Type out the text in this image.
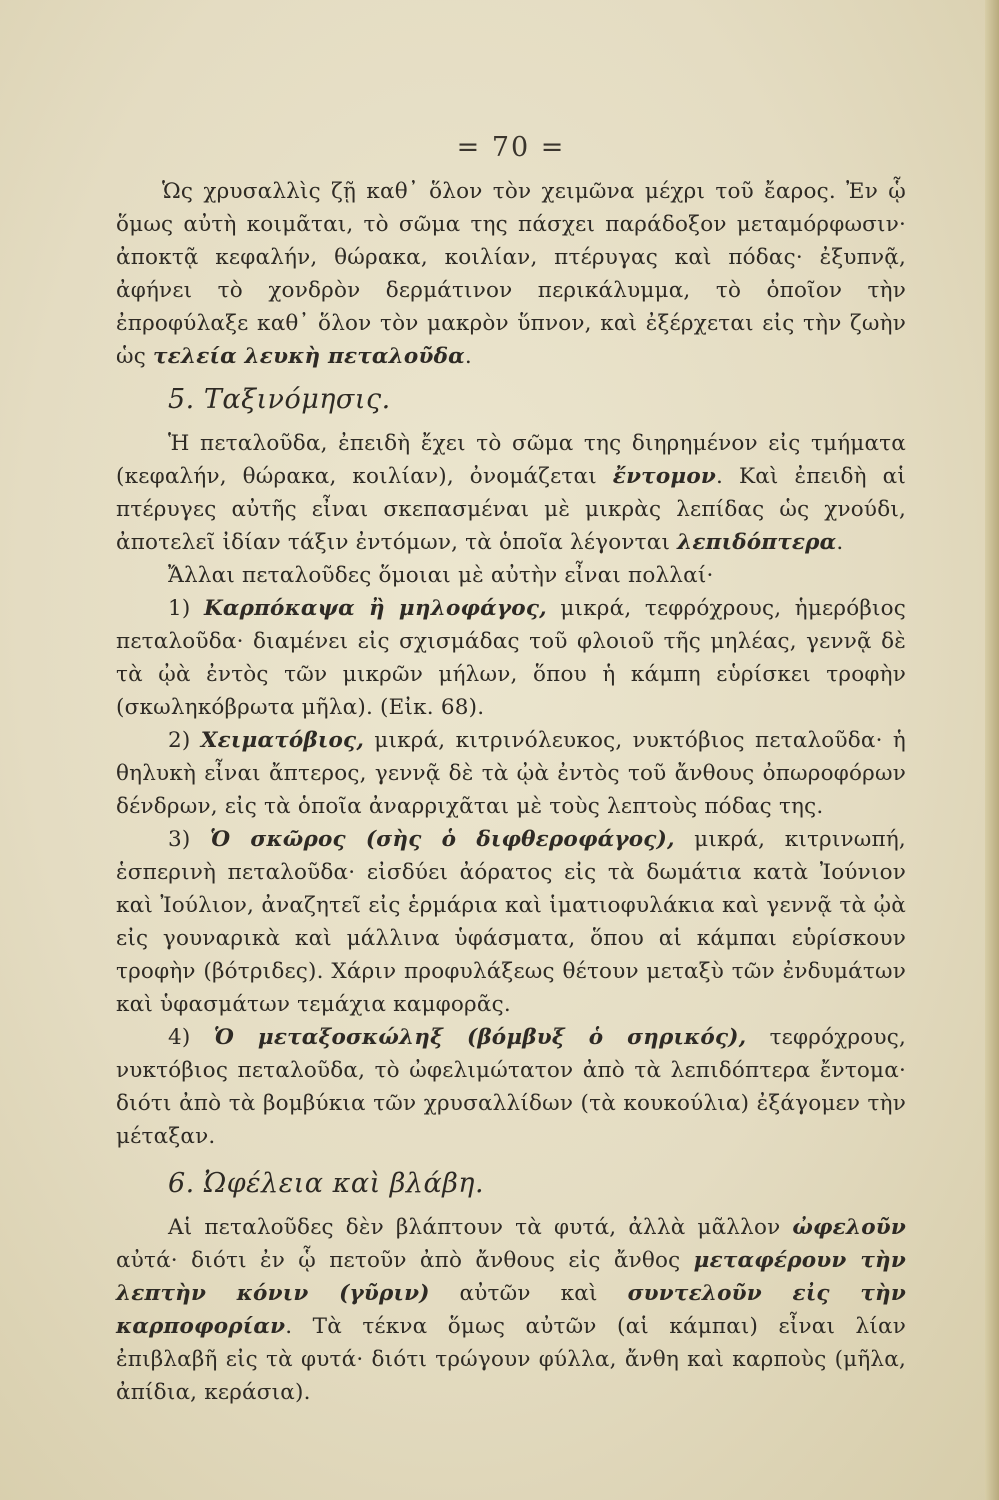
= 70 =

Ὡς χρυσαλλὶς ζῇ καθ᾽ ὅλον τὸν χειμῶνα μέχρι τοῦ ἔαρος. Ἐν ᾧ ὅμως αὐτὴ κοιμᾶται, τὸ σῶμα της πάσχει παράδοξον μεταμόρφωσιν· ἀποκτᾷ κεφαλήν, θώρακα, κοιλίαν, πτέρυγας καὶ πόδας· ἐξυπνᾷ, ἀφήνει τὸ χονδρὸν δερμάτινον περικάλυμμα, τὸ ὁποῖον τὴν ἐπροφύλαξε καθ᾽ ὅλον τὸν μακρὸν ὕπνον, καὶ ἐξέρχεται εἰς τὴν ζωὴν ὡς τελεία λευκὴ πεταλοῦδα.

5. Ταξινόμησις.

Ἡ πεταλοῦδα, ἐπειδὴ ἔχει τὸ σῶμα της διηρημένον εἰς τμήματα (κεφαλήν, θώρακα, κοιλίαν), ὀνομάζεται ἔντομον. Καὶ ἐπειδὴ αἱ πτέρυγες αὐτῆς εἶναι σκεπασμέναι μὲ μικρὰς λεπίδας ὡς χνούδι, ἀποτελεῖ ἰδίαν τάξιν ἐντόμων, τὰ ὁποῖα λέγονται λεπιδόπτερα.

Ἄλλαι πεταλοῦδες ὅμοιαι μὲ αὐτὴν εἶναι πολλαί·

1) Καρπόκαψα ἢ μηλοφάγος, μικρά, τεφρόχρους, ἡμερόβιος πεταλοῦδα· διαμένει εἰς σχισμάδας τοῦ φλοιοῦ τῆς μηλέας, γεννᾷ δὲ τὰ ᾠὰ ἐντὸς τῶν μικρῶν μήλων, ὅπου ἡ κάμπη εὑρίσκει τροφὴν (σκωληκόβρωτα μῆλα). (Εἰκ. 68).

2) Χειματόβιος, μικρά, κιτρινόλευκος, νυκτόβιος πεταλοῦδα· ἡ θηλυκὴ εἶναι ἄπτερος, γεννᾷ δὲ τὰ ᾠὰ ἐντὸς τοῦ ἄνθους ὀπωροφόρων δένδρων, εἰς τὰ ὁποῖα ἀναρριχᾶται μὲ τοὺς λεπτοὺς πόδας της.

3) Ὁ σκῶρος (σὴς ὁ διφθεροφάγος), μικρά, κιτρινωπή, ἑσπερινὴ πεταλοῦδα· εἰσδύει ἀόρατος εἰς τὰ δωμάτια κατὰ Ἰούνιον καὶ Ἰούλιον, ἀναζητεῖ εἰς ἑρμάρια καὶ ἱματιοφυλάκια καὶ γεννᾷ τὰ ᾠὰ εἰς γουναρικὰ καὶ μάλλινα ὑφάσματα, ὅπου αἱ κάμπαι εὑρίσκουν τροφὴν (βότριδες). Χάριν προφυλάξεως θέτουν μεταξὺ τῶν ἐνδυμάτων καὶ ὑφασμάτων τεμάχια καμφορᾶς.

4) Ὁ μεταξοσκώληξ (βόμβυξ ὁ σηρικός), τεφρόχρους, νυκτόβιος πεταλοῦδα, τὸ ὠφελιμώτατον ἀπὸ τὰ λεπιδόπτερα ἔντομα· διότι ἀπὸ τὰ βομβύκια τῶν χρυσαλλίδων (τὰ κουκούλια) ἐξάγομεν τὴν μέταξαν.

6. Ὠφέλεια καὶ βλάβη.

Αἱ πεταλοῦδες δὲν βλάπτουν τὰ φυτά, ἀλλὰ μᾶλλον ὠφελοῦν αὐτά· διότι ἐν ᾧ πετοῦν ἀπὸ ἄνθους εἰς ἄνθος μεταφέρουν τὴν λεπτὴν κόνιν (γῦριν) αὐτῶν καὶ συντελοῦν εἰς τὴν καρποφορίαν. Τὰ τέκνα ὅμως αὐτῶν (αἱ κάμπαι) εἶναι λίαν ἐπιβλαβῆ εἰς τὰ φυτά· διότι τρώγουν φύλλα, ἄνθη καὶ καρποὺς (μῆλα, ἀπίδια, κεράσια).
